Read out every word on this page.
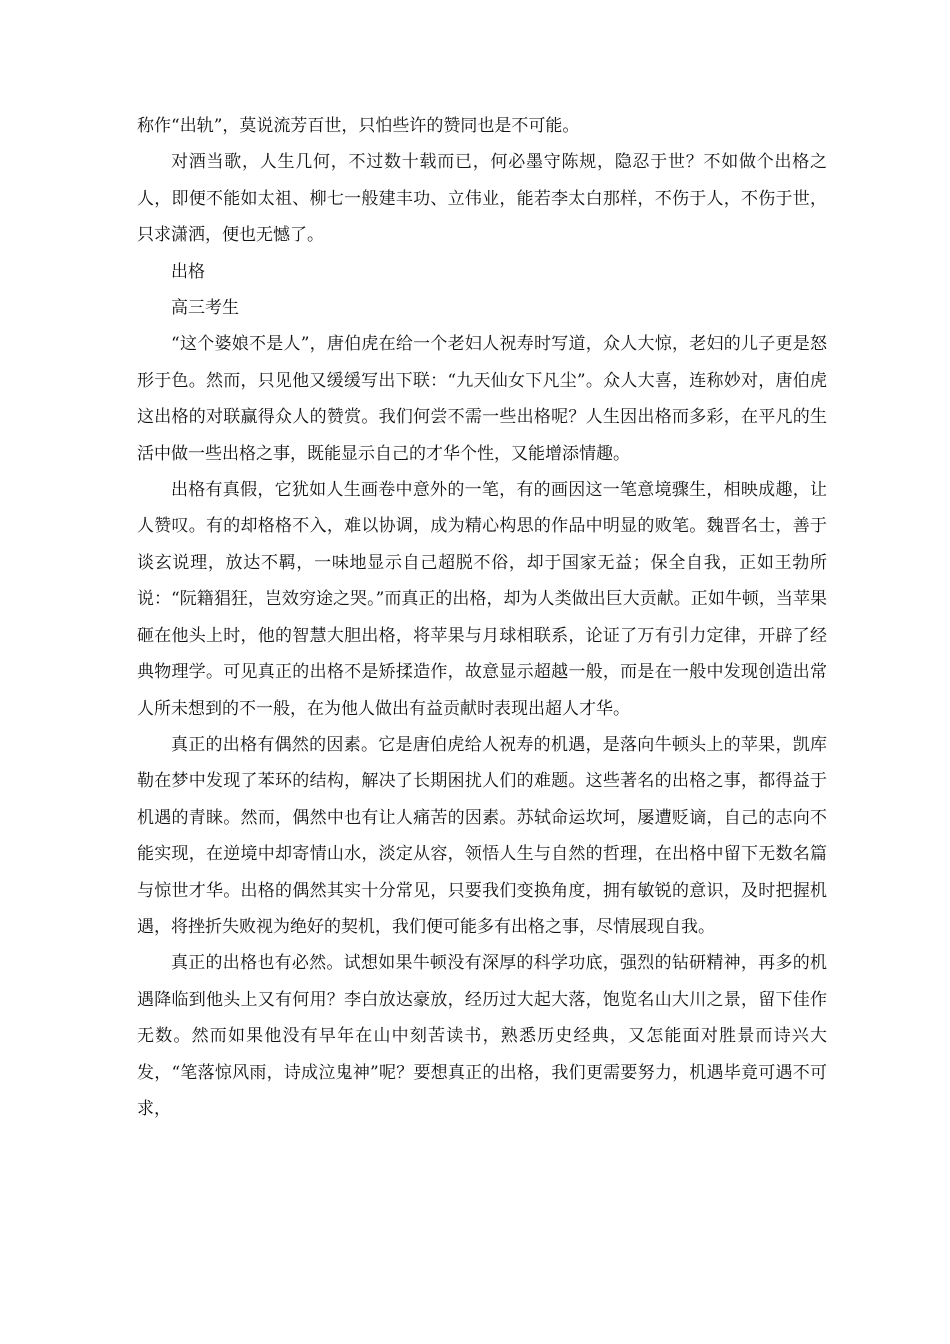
称作“出轨”，莫说流芳百世，只怕些许的赞同也是不可能。

对酒当歌，人生几何，不过数十载而已，何必墨守陈规，隐忍于世？不如做个出格之人，即便不能如太祖、柳七一般建丰功、立伟业，能若李太白那样，不伤于人，不伤于世，只求潇洒，便也无憾了。

出格

高三考生

“这个婆娘不是人”，唐伯虎在给一个老妇人祝寿时写道，众人大惊，老妇的儿子更是怒形于色。然而，只见他又缓缓写出下联：“九天仙女下凡尘”。众人大喜，连称妙对，唐伯虎这出格的对联赢得众人的赞赏。我们何尝不需一些出格呢？人生因出格而多彩，在平凡的生活中做一些出格之事，既能显示自己的才华个性，又能增添情趣。

出格有真假，它犹如人生画卷中意外的一笔，有的画因这一笔意境骤生，相映成趣，让人赞叹。有的却格格不入，难以协调，成为精心构思的作品中明显的败笔。魏晋名士，善于谈玄说理，放达不羁，一味地显示自己超脱不俗，却于国家无益；保全自我，正如王勃所说：“阮籍猖狂，岂效穷途之哭。”而真正的出格，却为人类做出巨大贡献。正如牛顿，当苹果砸在他头上时，他的智慧大胆出格，将苹果与月球相联系，论证了万有引力定律，开辟了经典物理学。可见真正的出格不是矫揉造作，故意显示超越一般，而是在一般中发现创造出常人所未想到的不一般，在为他人做出有益贡献时表现出超人才华。

真正的出格有偶然的因素。它是唐伯虎给人祝寿的机遇，是落向牛顿头上的苹果，凯库勒在梦中发现了苯环的结构，解决了长期困扰人们的难题。这些著名的出格之事，都得益于机遇的青睐。然而，偶然中也有让人痛苦的因素。苏轼命运坎坷，屡遭贬谪，自己的志向不能实现，在逆境中却寄情山水，淡定从容，领悟人生与自然的哲理，在出格中留下无数名篇与惊世才华。出格的偶然其实十分常见，只要我们变换角度，拥有敏锐的意识，及时把握机遇，将挫折失败视为绝好的契机，我们便可能多有出格之事，尽情展现自我。

真正的出格也有必然。试想如果牛顿没有深厚的科学功底，强烈的钻研精神，再多的机遇降临到他头上又有何用？李白放达豪放，经历过大起大落，饱览名山大川之景，留下佳作无数。然而如果他没有早年在山中刻苦读书，熟悉历史经典，又怎能面对胜景而诗兴大发，“笔落惊风雨，诗成泣鬼神”呢？要想真正的出格，我们更需要努力，机遇毕竟可遇不可求，
